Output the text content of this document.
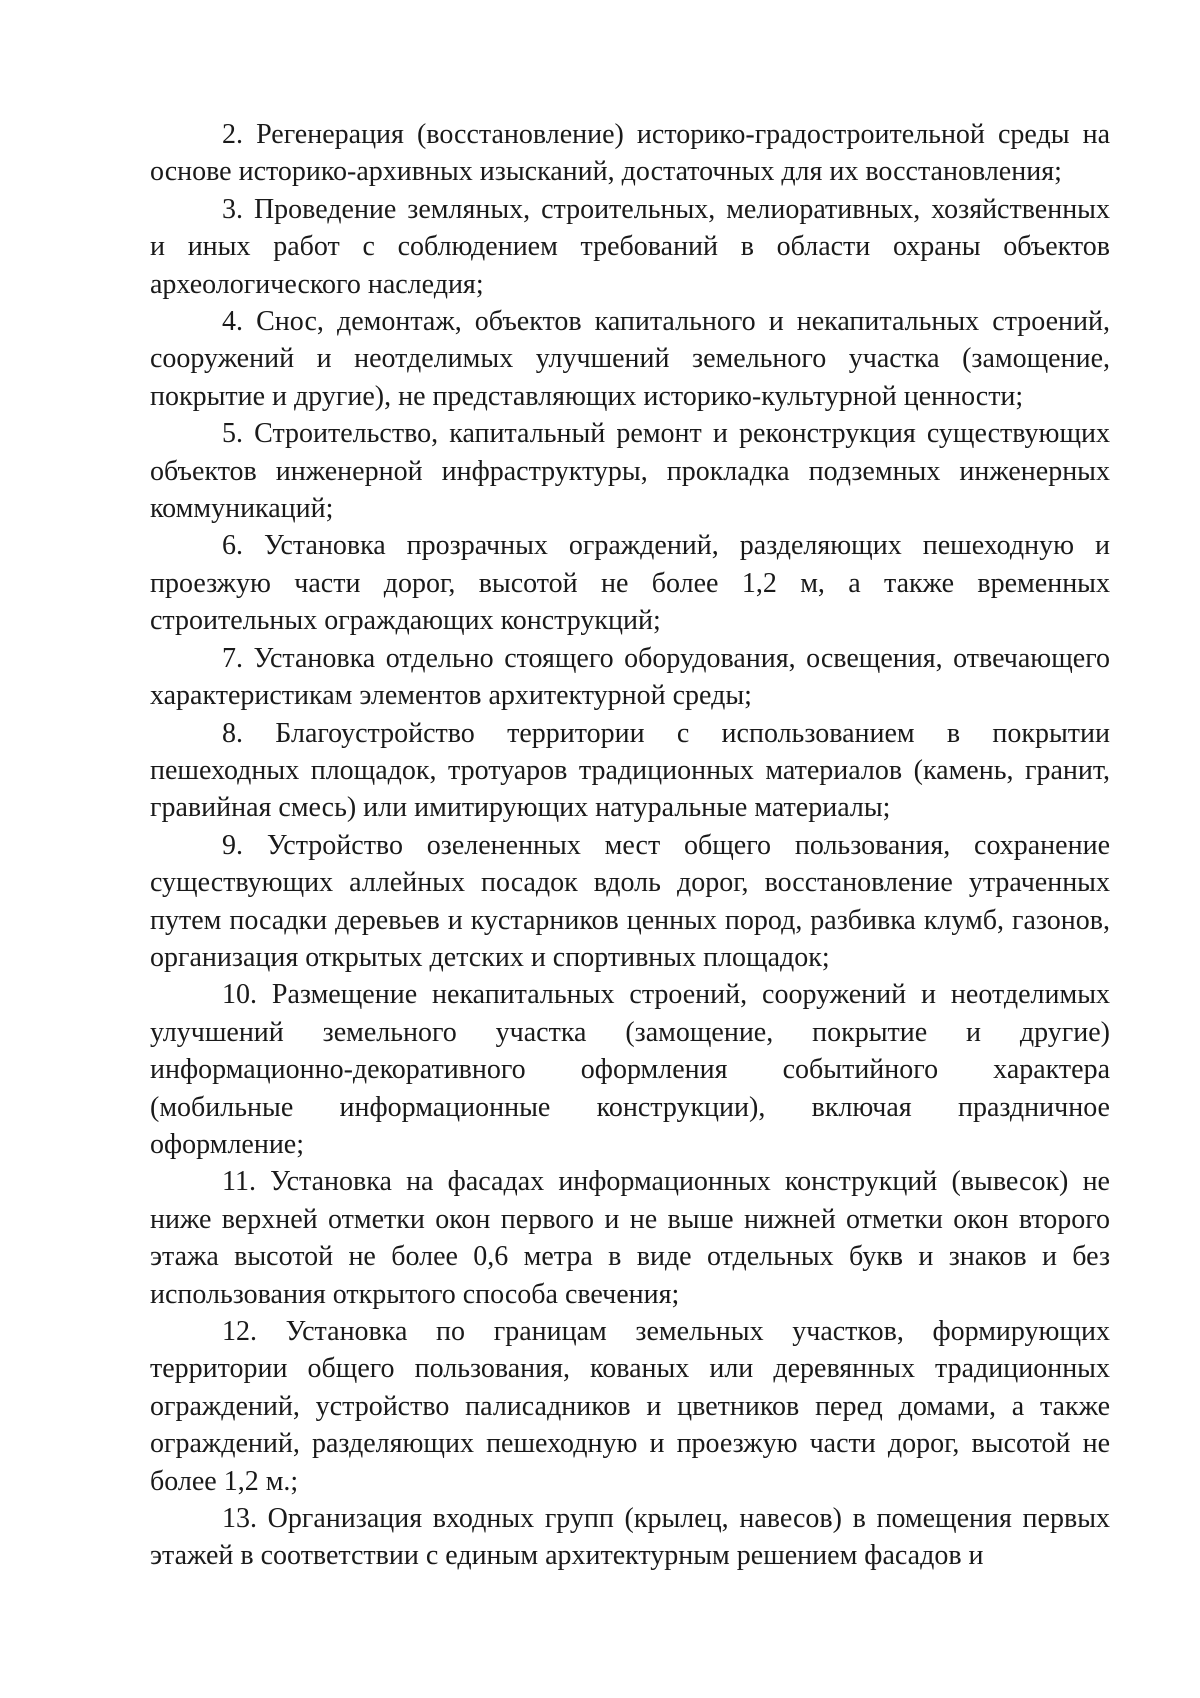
2. Регенерация (восстановление) историко-градостроительной среды на основе историко-архивных изысканий, достаточных для их восстановления;

3. Проведение земляных, строительных, мелиоративных, хозяйственных и иных работ с соблюдением требований в области охраны объектов археологического наследия;

4. Снос, демонтаж, объектов капитального и некапитальных строений, сооружений и неотделимых улучшений земельного участка (замощение, покрытие и другие), не представляющих историко-культурной ценности;

5. Строительство, капитальный ремонт и реконструкция существующих объектов инженерной инфраструктуры, прокладка подземных инженерных коммуникаций;

6. Установка прозрачных ограждений, разделяющих пешеходную и проезжую части дорог, высотой не более 1,2 м, а также временных строительных ограждающих конструкций;

7. Установка отдельно стоящего оборудования, освещения, отвечающего характеристикам элементов архитектурной среды;

8. Благоустройство территории с использованием в покрытии пешеходных площадок, тротуаров традиционных материалов (камень, гранит, гравийная смесь) или имитирующих натуральные материалы;

9. Устройство озелененных мест общего пользования, сохранение существующих аллейных посадок вдоль дорог, восстановление утраченных путем посадки деревьев и кустарников ценных пород, разбивка клумб, газонов, организация открытых детских и спортивных площадок;

10. Размещение некапитальных строений, сооружений и неотделимых улучшений земельного участка (замощение, покрытие и другие) информационно-декоративного оформления событийного характера (мобильные информационные конструкции), включая праздничное оформление;

11. Установка на фасадах информационных конструкций (вывесок) не ниже верхней отметки окон первого и не выше нижней отметки окон второго этажа высотой не более 0,6 метра в виде отдельных букв и знаков и без использования открытого способа свечения;

12. Установка по границам земельных участков, формирующих территории общего пользования, кованых или деревянных традиционных ограждений, устройство палисадников и цветников перед домами, а также ограждений, разделяющих пешеходную и проезжую части дорог, высотой не более 1,2 м.;

13. Организация входных групп (крылец, навесов) в помещения первых этажей в соответствии с единым архитектурным решением фасадов и
